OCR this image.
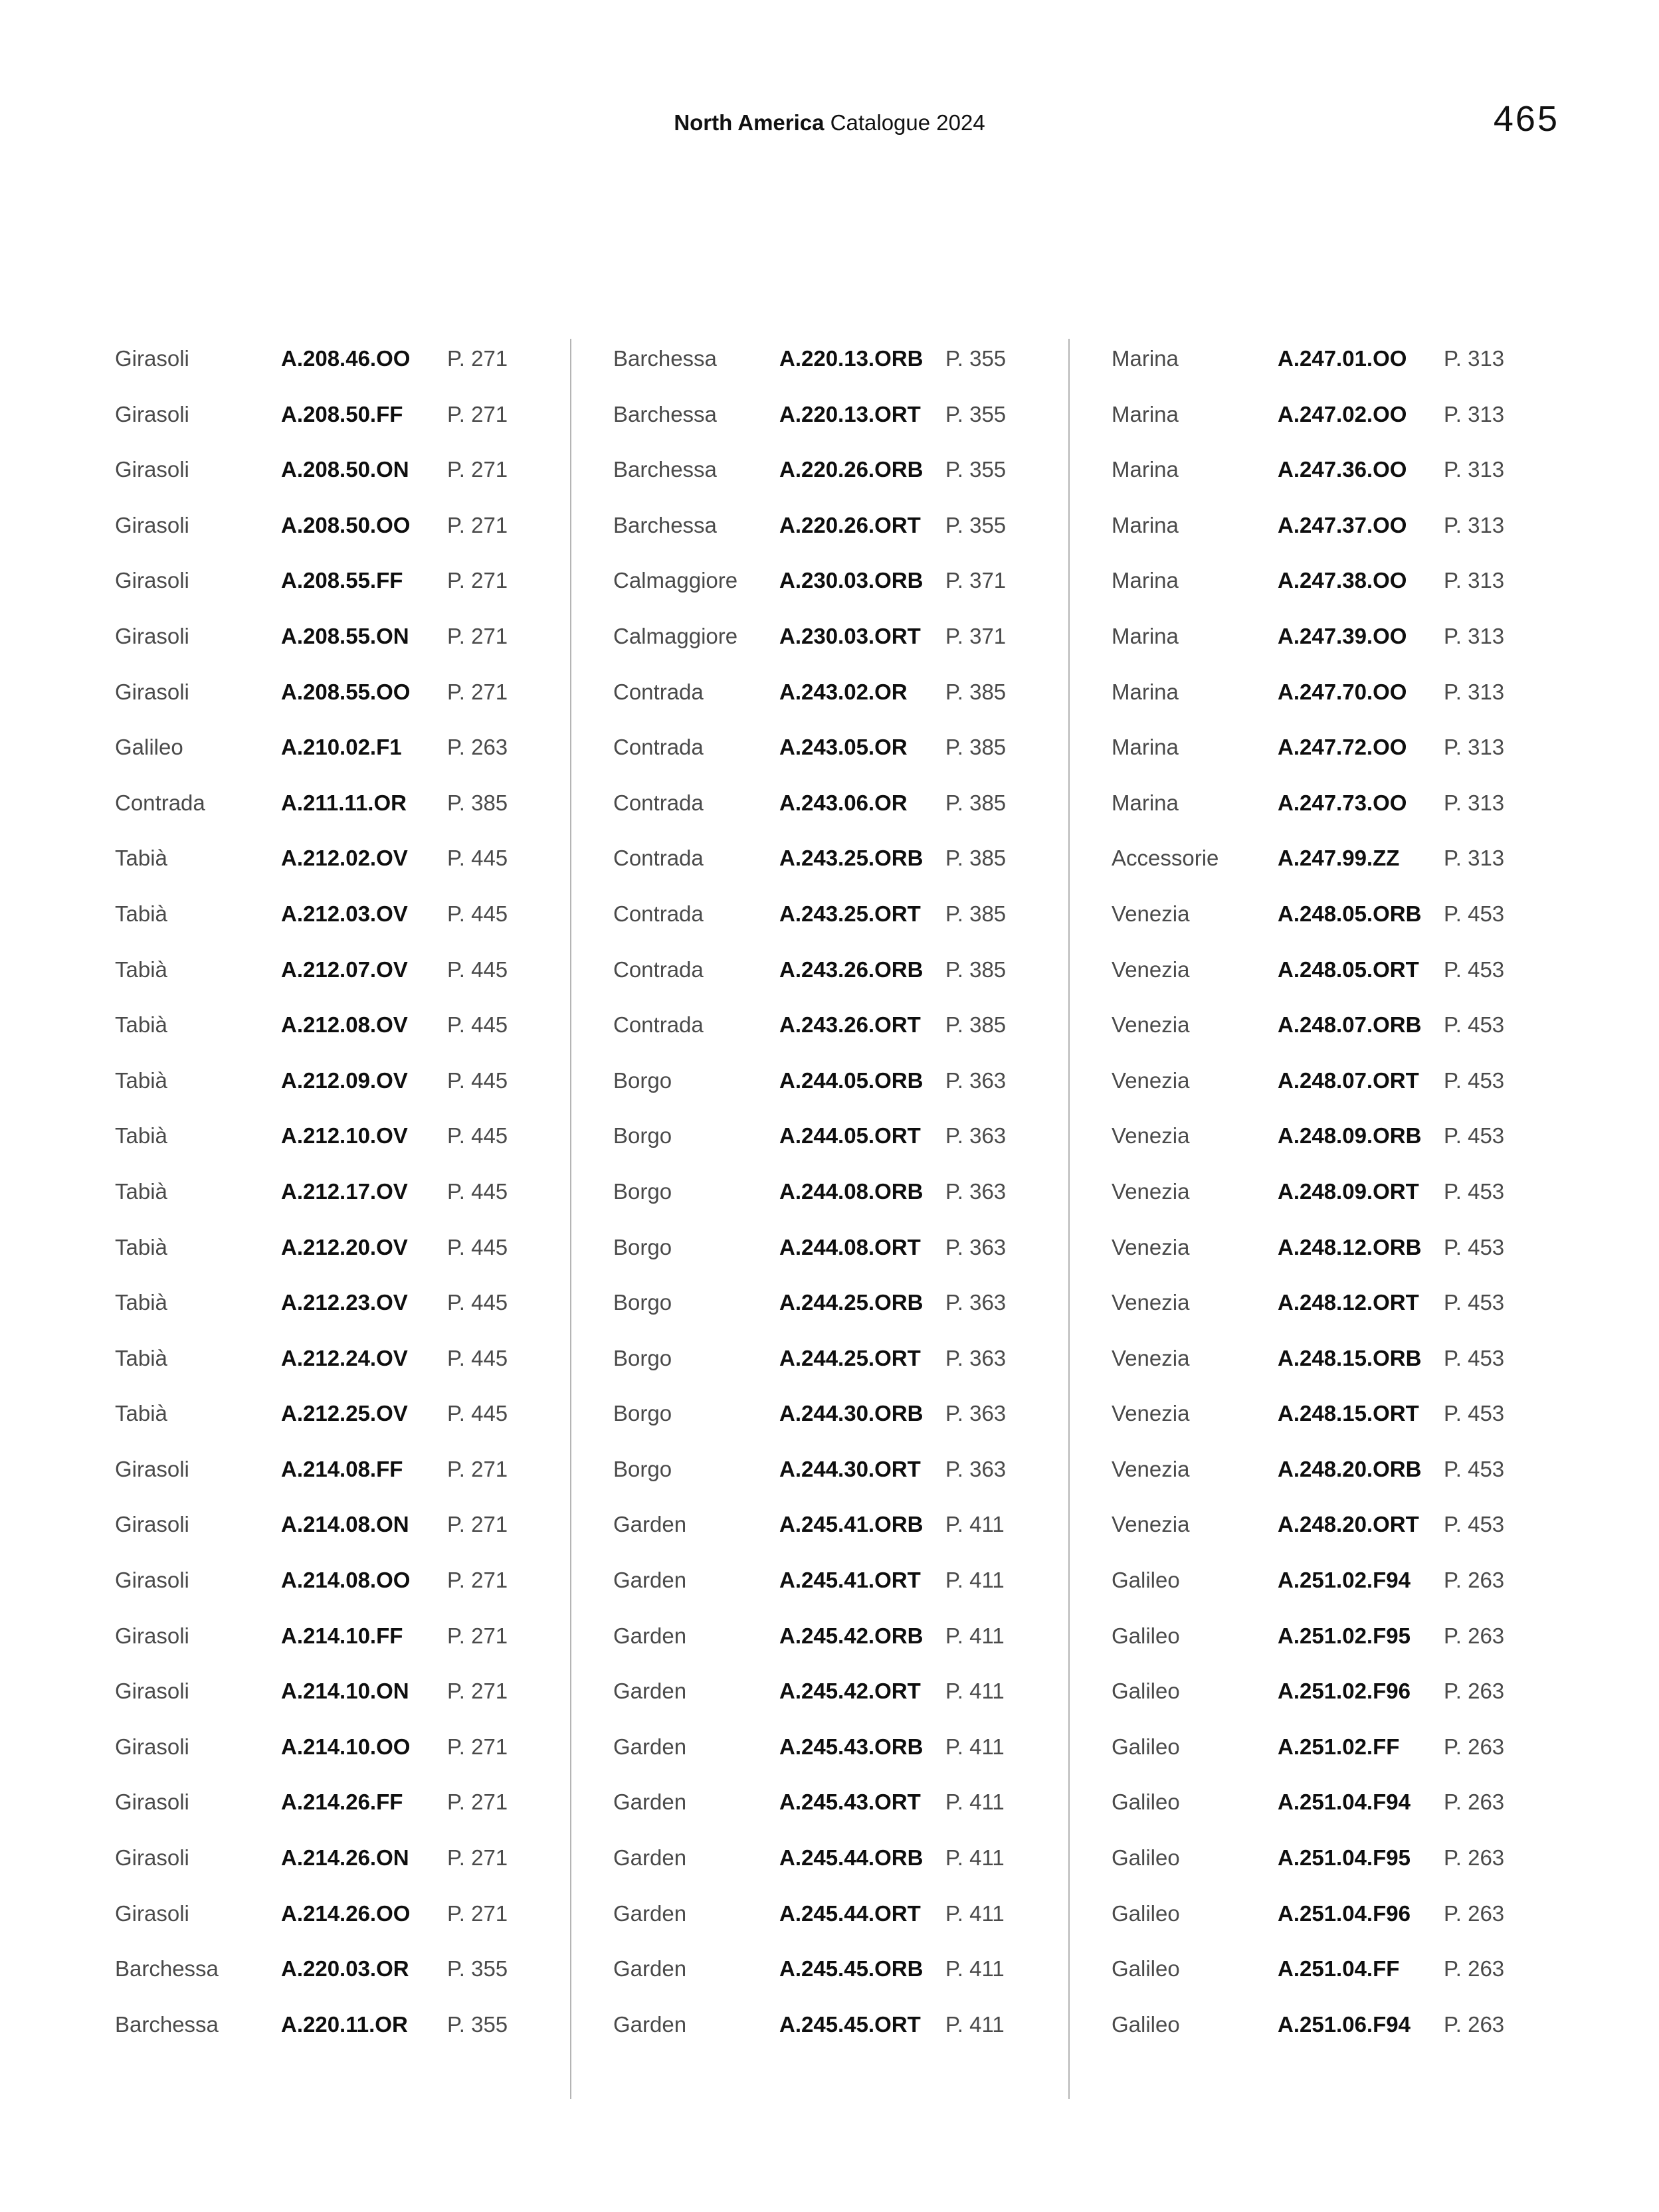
North America Catalogue 2024	465
Girasoli	A.208.46.OO P. 271
Girasoli	A.208.50.FF P. 271
Girasoli	A.208.50.ON P. 271
Girasoli	A.208.50.OO P. 271
Girasoli	A.208.55.FF P. 271
Girasoli	A.208.55.ON P. 271
Girasoli	A.208.55.OO P. 271
Galileo	A.210.02.F1 P. 263
Contrada	A.211.11.OR P. 385
Tabià	A.212.02.OV P. 445
Tabià	A.212.03.OV P. 445
Tabià	A.212.07.OV P. 445
Tabià	A.212.08.OV P. 445
Tabià	A.212.09.OV P. 445
Tabià	A.212.10.OV P. 445
Tabià	A.212.17.OV P. 445
Tabià	A.212.20.OV P. 445
Tabià	A.212.23.OV P. 445
Tabià	A.212.24.OV P. 445
Tabià	A.212.25.OV P. 445
Girasoli	A.214.08.FF P. 271
Girasoli	A.214.08.ON P. 271
Girasoli	A.214.08.OO P. 271
Girasoli	A.214.10.FF P. 271
Girasoli	A.214.10.ON P. 271
Girasoli	A.214.10.OO P. 271
Girasoli	A.214.26.FF P. 271
Girasoli	A.214.26.ON P. 271
Girasoli	A.214.26.OO P. 271
Barchessa	A.220.03.OR P. 355
Barchessa	A.220.11.OR P. 355
Barchessa	A.220.13.ORB P. 355
Barchessa	A.220.13.ORT P. 355
Barchessa	A.220.26.ORB P. 355
Barchessa	A.220.26.ORT P. 355
Calmaggiore A.230.03.ORB P. 371
Calmaggiore A.230.03.ORT P. 371
Contrada	A.243.02.OR P. 385
Contrada	A.243.05.OR P. 385
Contrada	A.243.06.OR P. 385
Contrada	A.243.25.ORB P. 385
Contrada	A.243.25.ORT P. 385
Contrada	A.243.26.ORB P. 385
Contrada	A.243.26.ORT P. 385
Borgo	A.244.05.ORB P. 363
Borgo	A.244.05.ORT P. 363
Borgo	A.244.08.ORB P. 363
Borgo	A.244.08.ORT P. 363
Borgo	A.244.25.ORB P. 363
Borgo	A.244.25.ORT P. 363
Borgo	A.244.30.ORB P. 363
Borgo	A.244.30.ORT P. 363
Garden	A.245.41.ORB P. 411
Garden	A.245.41.ORT P. 411
Garden	A.245.42.ORB P. 411
Garden	A.245.42.ORT P. 411
Garden	A.245.43.ORB P. 411
Garden	A.245.43.ORT P. 411
Garden	A.245.44.ORB P. 411
Garden	A.245.44.ORT P. 411
Garden	A.245.45.ORB P. 411
Garden	A.245.45.ORT P. 411
Marina	A.247.01.OO P. 313
Marina	A.247.02.OO P. 313
Marina	A.247.36.OO P. 313
Marina	A.247.37.OO P. 313
Marina	A.247.38.OO P. 313
Marina	A.247.39.OO P. 313
Marina	A.247.70.OO P. 313
Marina	A.247.72.OO P. 313
Marina	A.247.73.OO P. 313
Accessorie	A.247.99.ZZ P. 313
Venezia	A.248.05.ORB P. 453
Venezia	A.248.05.ORT P. 453
Venezia	A.248.07.ORB P. 453
Venezia	A.248.07.ORT P. 453
Venezia	A.248.09.ORB P. 453
Venezia	A.248.09.ORT P. 453
Venezia	A.248.12.ORB P. 453
Venezia	A.248.12.ORT P. 453
Venezia	A.248.15.ORB P. 453
Venezia	A.248.15.ORT P. 453
Venezia	A.248.20.ORB P. 453
Venezia	A.248.20.ORT P. 453
Galileo	A.251.02.F94 P. 263
Galileo	A.251.02.F95 P. 263
Galileo	A.251.02.F96 P. 263
Galileo	A.251.02.FF P. 263
Galileo	A.251.04.F94 P. 263
Galileo	A.251.04.F95 P. 263
Galileo	A.251.04.F96 P. 263
Galileo	A.251.04.FF P. 263
Galileo	A.251.06.F94 P. 263
